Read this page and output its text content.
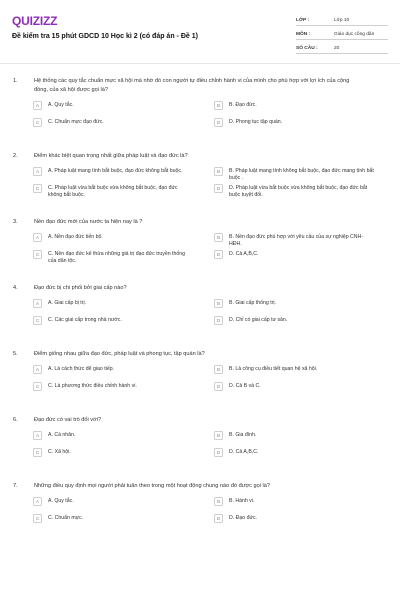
QUIZIZZ
Đề kiểm tra 15 phút GDCD 10 Học kì 2 (có đáp án - Đề 1)
LỚP :	Lớp 10
MÔN :	Giáo dục công dân
SỐ CÂU :	20
1.	Hệ thống các quy tắc chuẩn mực xã hội mà nhờ đó con người tự điều chỉnh hành vi của mình cho phù hợp với lợi ích của cộng đồng, của xã hội được gọi là?
A	A. Quy tắc.	B	B. Đạo đức.
C	C. Chuẩn mực đạo đức.	D	D. Phong tục tập quán.
2.	Điểm khác biệt quan trọng nhất giữa pháp luật và đạo đức là?
A	A. Pháp luật mang tính bắt buộc, đạo đức không bắt buộc.	B	B. Pháp luật mang tính không bắt buộc, đạo đức mang tính bắt buộc .
C	C. Pháp luật vừa bắt buộc vừa không bắt buộc, đạo đức không bắt buộc.
D	D. Pháp luật vừa bắt buộc vừa không bắt buộc, đạo đức bắt buộc tuyệt đối.
3.	Nền đạo đức mới của nước ta hiện nay là ?
A	A. Nền đạo đức tiến bộ.	B	B. Nền đạo đức phù hợp với yêu cầu của sự nghiệp CNH-HĐH.
C	C. Nền đạo đức kế thừa những giá trị đạo đức truyền thống của dân tộc.
D	D. Cả A,B,C.
4.	Đạo đức bị chi phối bởi giai cấp nào?
A	A. Giai cấp bị trị.	B	B. Giai cấp thống trị.
C	C. Các giai cấp trong nhà nước.	D	D. Chỉ có giai cấp tư sản.
5.	Điểm giống nhau giữa đạo đức, pháp luật và phong tục, tập quán là?
A	A. Là cách thức để giao tiếp.	B	B. Là công cụ điều tiết quan hệ xã hội.
C	C. Là phương thức điều chỉnh hành vi.	D	D. Cả B và C.
6.	Đạo đức có vai trò đối với?
A	A. Cá nhân.	B	B. Gia đình.
C	C. Xã hội.	D	D. Cả A,B,C.
7.	Những điều quy định mọi người phải tuân theo trong một hoạt động chung nào đó được gọi là?
A	A. Quy tắc.	B	B. Hành vi.
C	C. Chuẩn mực.	D	D. Đạo đức.
